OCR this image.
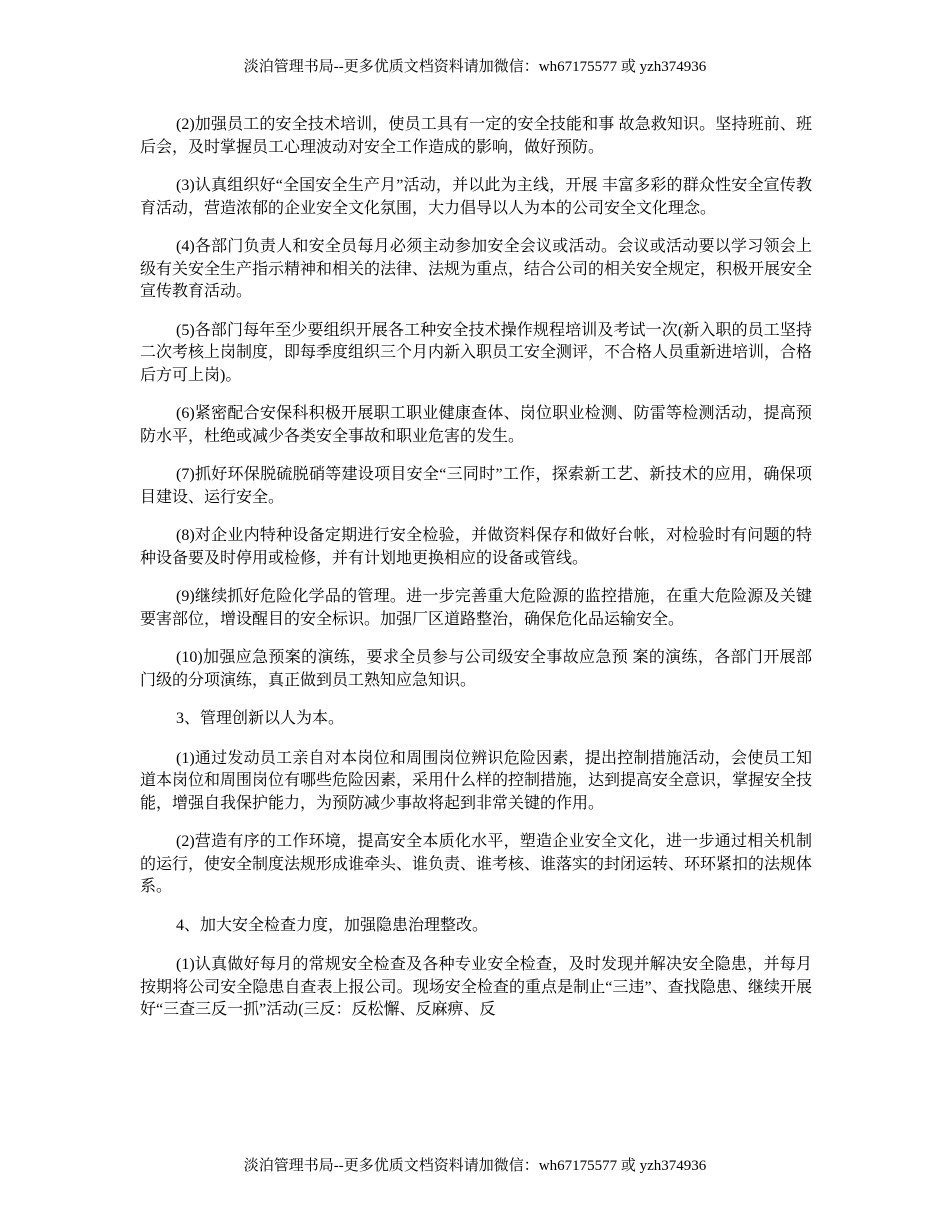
淡泊管理书局--更多优质文档资料请加微信：wh67175577 或 yzh374936

(2)加强员工的安全技术培训，使员工具有一定的安全技能和事 故急救知识。坚持班前、班后会，及时掌握员工心理波动对安全工作造成的影响，做好预防。

(3)认真组织好“全国安全生产月”活动，并以此为主线，开展 丰富多彩的群众性安全宣传教育活动，营造浓郁的企业安全文化氛围，大力倡导以人为本的公司安全文化理念。

(4)各部门负责人和安全员每月必须主动参加安全会议或活动。会议或活动要以学习领会上级有关安全生产指示精神和相关的法律、法规为重点，结合公司的相关安全规定，积极开展安全宣传教育活动。

(5)各部门每年至少要组织开展各工种安全技术操作规程培训及考试一次(新入职的员工坚持二次考核上岗制度，即每季度组织三个月内新入职员工安全测评，不合格人员重新进培训，合格后方可上岗)。

(6)紧密配合安保科积极开展职工职业健康查体、岗位职业检测、防雷等检测活动，提高预防水平，杜绝或减少各类安全事故和职业危害的发生。

(7)抓好环保脱硫脱硝等建设项目安全“三同时”工作，探索新工艺、新技术的应用，确保项目建设、运行安全。

(8)对企业内特种设备定期进行安全检验，并做资料保存和做好台帐，对检验时有问题的特种设备要及时停用或检修，并有计划地更换相应的设备或管线。

(9)继续抓好危险化学品的管理。进一步完善重大危险源的监控措施，在重大危险源及关键要害部位，增设醒目的安全标识。加强厂区道路整治，确保危化品运输安全。

(10)加强应急预案的演练，要求全员参与公司级安全事故应急预 案的演练，各部门开展部门级的分项演练，真正做到员工熟知应急知识。

3、管理创新以人为本。

(1)通过发动员工亲自对本岗位和周围岗位辨识危险因素，提出控制措施活动，会使员工知道本岗位和周围岗位有哪些危险因素，采用什么样的控制措施，达到提高安全意识，掌握安全技能，增强自我保护能力，为预防减少事故将起到非常关键的作用。

(2)营造有序的工作环境，提高安全本质化水平，塑造企业安全文化，进一步通过相关机制的运行，使安全制度法规形成谁牵头、谁负责、谁考核、谁落实的封闭运转、环环紧扣的法规体系。

4、加大安全检查力度，加强隐患治理整改。

(1)认真做好每月的常规安全检查及各种专业安全检查，及时发现并解决安全隐患，并每月按期将公司安全隐患自查表上报公司。现场安全检查的重点是制止“三违”、查找隐患、继续开展好“三查三反一抓”活动(三反：反松懈、反麻痹、反

淡泊管理书局--更多优质文档资料请加微信：wh67175577 或 yzh374936
